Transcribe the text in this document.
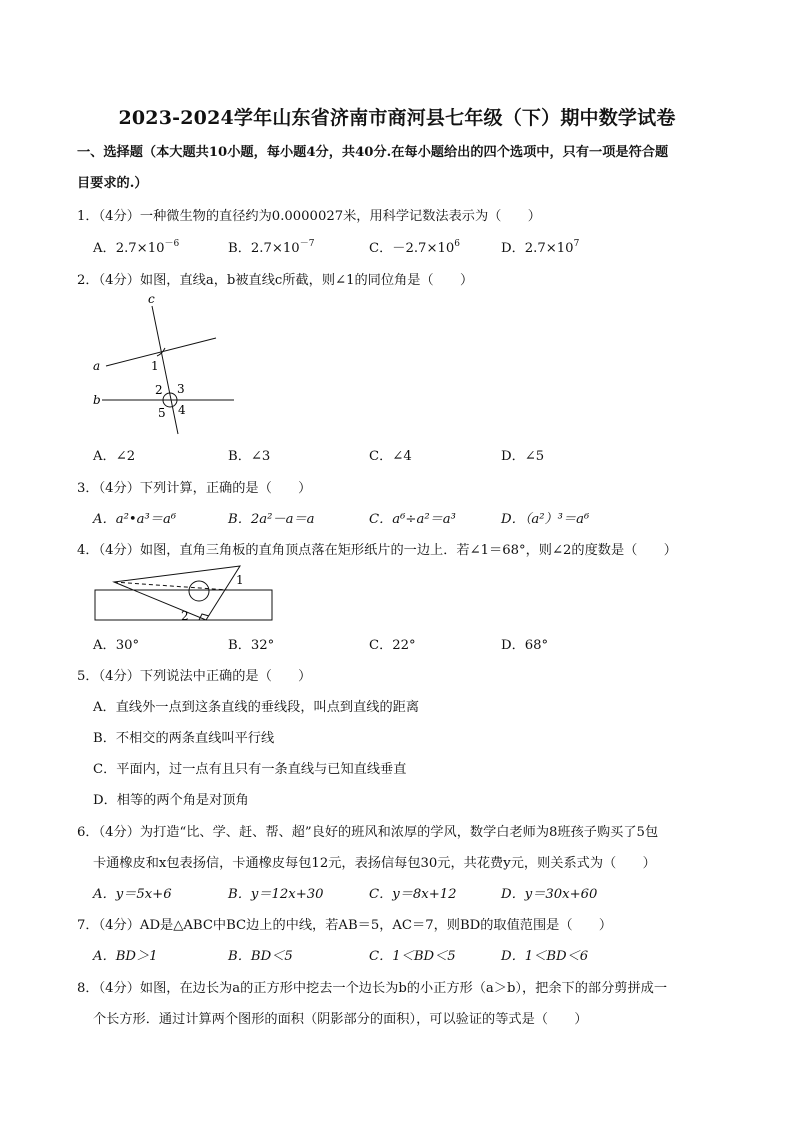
2023-2024学年山东省济南市商河县七年级（下）期中数学试卷
一、选择题（本大题共10小题，每小题4分，共40分.在每小题给出的四个选项中，只有一项是符合题
目要求的.）
1．（4分）一种微生物的直径约为0.0000027米，用科学记数法表示为（　　）
A．$2.7\times 10^{-6}$	B．$2.7\times 10^{-7}$	C．$-2.7\times 10^6$	D．$2.7\times 10^7$
2．（4分）如图，直线a，b被直线c所截，则∠1的同位角是（　　）
c
a
b
1
2 3
4
5
A．∠2	B．∠3	C．∠4	D．∠5
3．（4分）下列计算，正确的是（　　）
A．a²•a³＝a⁶	B．2a²－a＝a	C．a⁶÷a²＝a³	D．（a²）³＝a⁶
4．（4分）如图，直角三角板的直角顶点落在矩形纸片的一边上．若∠1＝68°，则∠2的度数是（　　）
1
2
A．30°	B．32°	C．22°	D．68°
5．（4分）下列说法中正确的是（　　）
A．直线外一点到这条直线的垂线段，叫点到直线的距离
B．不相交的两条直线叫平行线
C．平面内，过一点有且只有一条直线与已知直线垂直
D．相等的两个角是对顶角
6．（4分）为打造“比、学、赶、帮、超”良好的班风和浓厚的学风，数学白老师为8班孩子购买了5包
卡通橡皮和x包表扬信，卡通橡皮每包12元，表扬信每包30元，共花费y元，则关系式为（　　）
A．y＝5x+6	B．y＝12x+30	C．y＝8x+12	D．y＝30x+60
7．（4分）AD是△ABC中BC边上的中线，若AB＝5，AC＝7，则BD的取值范围是（　　）
A．BD＞1	B．BD＜5	C．1＜BD＜5	D．1＜BD＜6
8．（4分）如图，在边长为a的正方形中挖去一个边长为b的小正方形（a＞b），把余下的部分剪拼成一
个长方形．通过计算两个图形的面积（阴影部分的面积），可以验证的等式是（　　）
